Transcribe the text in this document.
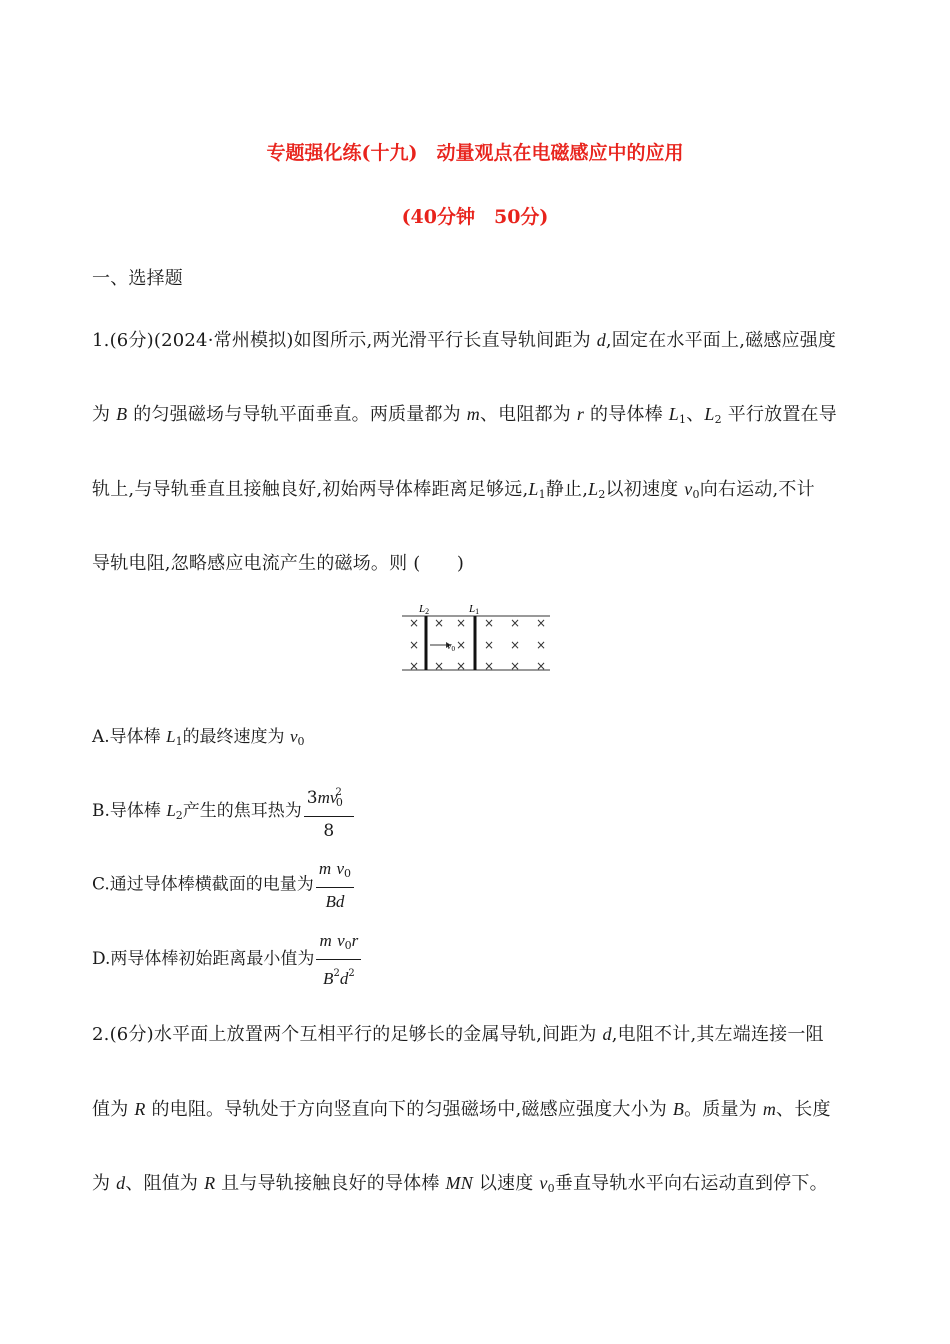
专题强化练(十九)　动量观点在电磁感应中的应用
(40分钟　50分)
一、选择题
1.(6分)(2024·常州模拟)如图所示,两光滑平行长直导轨间距为 d,固定在水平面上,磁感应强度
为 B 的匀强磁场与导轨平面垂直。两质量都为 m、电阻都为 r 的导体棒 $L_1$、$L_2$ 平行放置在导
轨上,与导轨垂直且接触良好,初始两导体棒距离足够远$,L_1$静止$,L_2$以初速度 $v_0$向右运动,不计
导轨电阻,忽略感应电流产生的磁场。则 (　　)
L2	L1
× × × × × ×
×	× × × ×
× × × × × ×
$v_0$
A.导体棒 $L_1$的最终速度为 $v_0$
B.导体棒 $L_2$产生的焦耳热为 $\frac{3mv^2_0}{8}$
C.通过导体棒横截面的电量为 $\frac{m v_0}{Bd}$
D.两导体棒初始距离最小值为 $\frac{m v_0r}{B^2d^2}$
2.(6分)水平面上放置两个互相平行的足够长的金属导轨,间距为 d,电阻不计,其左端连接一阻
值为 R 的电阻。导轨处于方向竖直向下的匀强磁场中,磁感应强度大小为 B。质量为 m、长度
为 d、阻值为 R 且与导轨接触良好的导体棒 MN 以速度 $v_0$垂直导轨水平向右运动直到停下。
